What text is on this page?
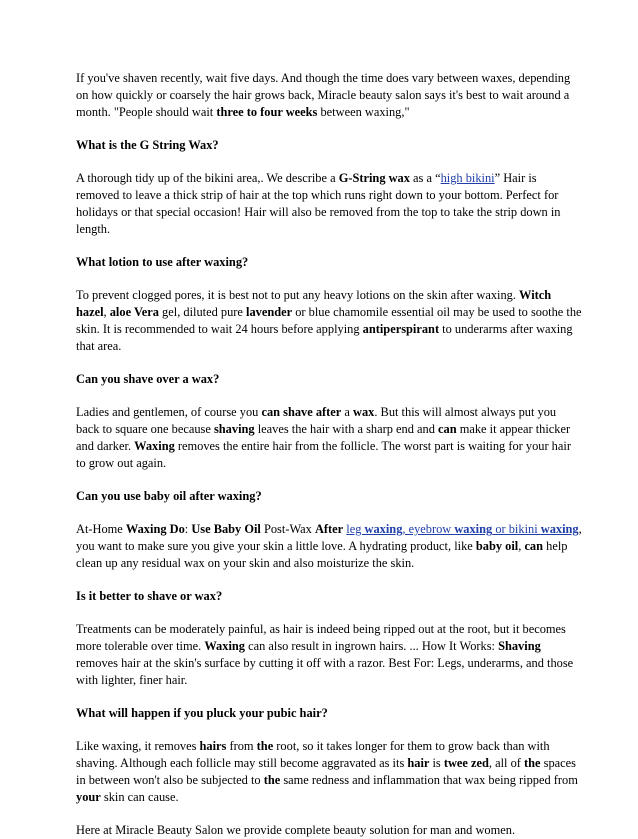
If you've shaven recently, wait five days. And though the time does vary between waxes, depending on how quickly or coarsely the hair grows back, Miracle beauty salon says it's best to wait around a month. "People should wait three to four weeks between waxing,"

What is the G String Wax?

A thorough tidy up of the bikini area,. We describe a G-String wax as a “high bikini” Hair is removed to leave a thick strip of hair at the top which runs right down to your bottom. Perfect for holidays or that special occasion! Hair will also be removed from the top to take the strip down in length.

What lotion to use after waxing?

To prevent clogged pores, it is best not to put any heavy lotions on the skin after waxing. Witch hazel, aloe Vera gel, diluted pure lavender or blue chamomile essential oil may be used to soothe the skin. It is recommended to wait 24 hours before applying antiperspirant to underarms after waxing that area.

Can you shave over a wax?

Ladies and gentlemen, of course you can shave after a wax. But this will almost always put you back to square one because shaving leaves the hair with a sharp end and can make it appear thicker and darker. Waxing removes the entire hair from the follicle. The worst part is waiting for your hair to grow out again.

Can you use baby oil after waxing?

At-Home Waxing Do: Use Baby Oil Post-Wax After leg waxing, eyebrow waxing or bikini waxing, you want to make sure you give your skin a little love. A hydrating product, like baby oil, can help clean up any residual wax on your skin and also moisturize the skin.

Is it better to shave or wax?

Treatments can be moderately painful, as hair is indeed being ripped out at the root, but it becomes more tolerable over time. Waxing can also result in ingrown hairs. ... How It Works: Shaving removes hair at the skin's surface by cutting it off with a razor. Best For: Legs, underarms, and those with lighter, finer hair.

What will happen if you pluck your pubic hair?

Like waxing, it removes hairs from the root, so it takes longer for them to grow back than with shaving. Although each follicle may still become aggravated as its hair is twee zed, all of the spaces in between won't also be subjected to the same redness and inflammation that wax being ripped from your skin can cause.

Here at Miracle Beauty Salon we provide complete beauty solution for man and women.
